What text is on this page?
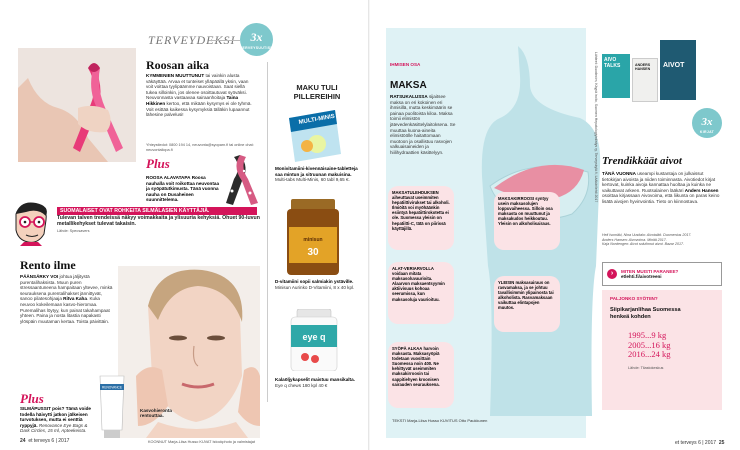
TERVEYDEKSI	3x
TERVEYSUUTISET
Roosan aika
KYMMENIEN MUUTTUNUT tai vainkin alusta väkäyttää. Arvaa et tunteiset ylläpäällä yksin, vaan voit voittaa tyylipäämme nauvoistaan. Saat siellä tukea silloinkin, jos olenee osoittautuvat syöväksi. Neuvonnasta vastaavaa sairaanhoitaja Taina Hikkinen kertoo, että mikään kysymys ei ole tyhmä. Voit esittää kaikessa kysymyksiä tälläkin lupaannut lähesine palvelusi!
Yhteystiedot: 0800 194 14, neuvonta@syoparn.fi tai online chat: neuvontaliopa.fi
Plus
ROOSA ALAVATAPA Roosa nauhalla voit roikottaa neuvontaa ja syöpätutkimusta. Tänä vuonna nauha on Dusaheinen suunnittelema.
SUOMALAISET OVAT ROHKEITA SILMÄLASIEN KÄYTTÄJIÄ.
Tulevan talven trendeissä näkyy voimakkaita ja ylisuuria kehyksiä. Ohuet 90-luvun metallikehykset tulevat takaisin.
Lähde: Specsavers
MAKU TULI
PILLEREIHIN
MULTI-MINIS
Monivitamiini-kivennäisaine-tabletteja saa mintun ja sitruunan makuisina. Multi-tabs Multi-Minis, 60 tabl 9,65 €.
minisun
30
D-vitamiini sopii salmiakin ystäville. Minisun Aurinko D-Vitamiini, 8 x 40 kpl.
eye q
Kalaöljykapselit maistuu mansikalta. Eye q chews 180 kpl 40 €
Rento ilme
PÄÄNSÄRKY VOI johtua jäljitystä purentalihaksista. Muun puren stressaantuneena hampaitaan yltevee, minkä seurauksena purentalihakset jännittyvät, sanoo pilatesohjaaja Ritva Kaha. Kuka neuvoo kokeilemaan kasvo-hieromaa. Puremalihas löytyy, kun painat takahampaat yhteen. Paina ja nosta litastia napakasti ylöspäin muutaman kertaa. Toista päivittäin.
Kasvohieronta rentouttaa.
Plus
SILMÄPUSSIT pois? Tämä voide todella häivytti jatkon jälkeisen turvotuksen, mutta ei senttiä ryppyjä. Renovance Eye Bags & Dark Circles, 15 ml, Apteekeista.
RENOVANCE
24 et terveys 6 | 2017	KOONNUT Marja-Liisa Husso KUVAT Istockphoto ja valmistajat
IHMISEN OSA
MAKSA
RATSUKALUSSA sijaitsee maksa on eri kokoinen eri ihmisillä, mutta keskimäärin se painaa puolitoista kiloa. Maksa toimii elimistön jätevedenkäsittelylaitoksena. Se muuttaa kuona-aineita elimistöölle haitattomaan muotoon ja osallistuu rasvojen valkuaisaineiden ja hiilihydraattien käsittelyyn.
MAKSATULEHDUKSEN aiheuttavat useimmiten hepatiittivirukset tai alkoholi. Ilmiöitä voi myöhäänkin esiintyä hepatiittirokotetta ei ole. Suomessa yleisin on hepatiitti-C, tätä on piirissä käyttäjillä.
MAKSAKIRROOSI syntyy usein maksasolujen loppuvaiheessa. Silloin osa maksasta on muuttunut ja maksakudos heikkoutuu. Yleisin on alkoholisairaus.
ALAT-VERIARVOLLA voidaan mitata maksasoluvaurioita. Alaarvon maksaentsyymin aktiivisuus kohoaa seerumissa, kun maksasoluja vaurioituu.
YLEISIN maksasairaus on rasvamaksa, ja se johtuu tavallisimmin ylipainosta tai alkoholista. Rasvamaksaan vaikuttaa elintapojen muutos.
SYÖPÄ ALKAA harvoin maksasta. Maksasyöpiä todetaan vuosittain Suomessa noin 400. Ne kehittyvät useimmiten maksakirroosin tai sappitiehyen kroonisen sairauden seurauksena.
TEKSTI Marja-Liisa Husso KUVITUS Otto Paukkunen
Lähteet: Duodecim, Käypä hoito, Suomen Hepatologiyhdistys ry, Terveyskylä.fi, Lääkärilehti 2017	AIVO TALKS	ANDERS HANSEN
AIVOT
3x
KIRJAT
Trendikkäät aivot
TÄNÄ VUONNA useampi kustantaja on julkaissut tietokirjan aivoista ja niiden toiminnasta. Aivotiedot kirjat kertovat, kuinka aivoja kannattaa huoltaa ja kuinka ne vaikuttavat arkeen. Ruotsalainen lääkäri Anders Hansen osoittaa kirjassaan Aivovoima, että liikunta on paras keino lisätä aivojen hyvinvointia. Tieto on kiinnostava.
Heli Isomäki, Nina Uusitalo: Aivotalkit. Duomenius 2017.
Anders Hansen: Aivovoima. Minitä 2017.
Kaja Nordengen: Aivot solulinnut aivot. Bazar 2017.
›	MITEN MUISTI PARANEE?
etlehti.fi/aivotreeni
PALJONKO SYÖTIIN?
Siipikarjanlihaa Suomessa
henkeä kohden
1995...9 kg
2005...16 kg
2016...24 kg
Lähde: Tilastokeskus
et terveys 6 | 2017 25
